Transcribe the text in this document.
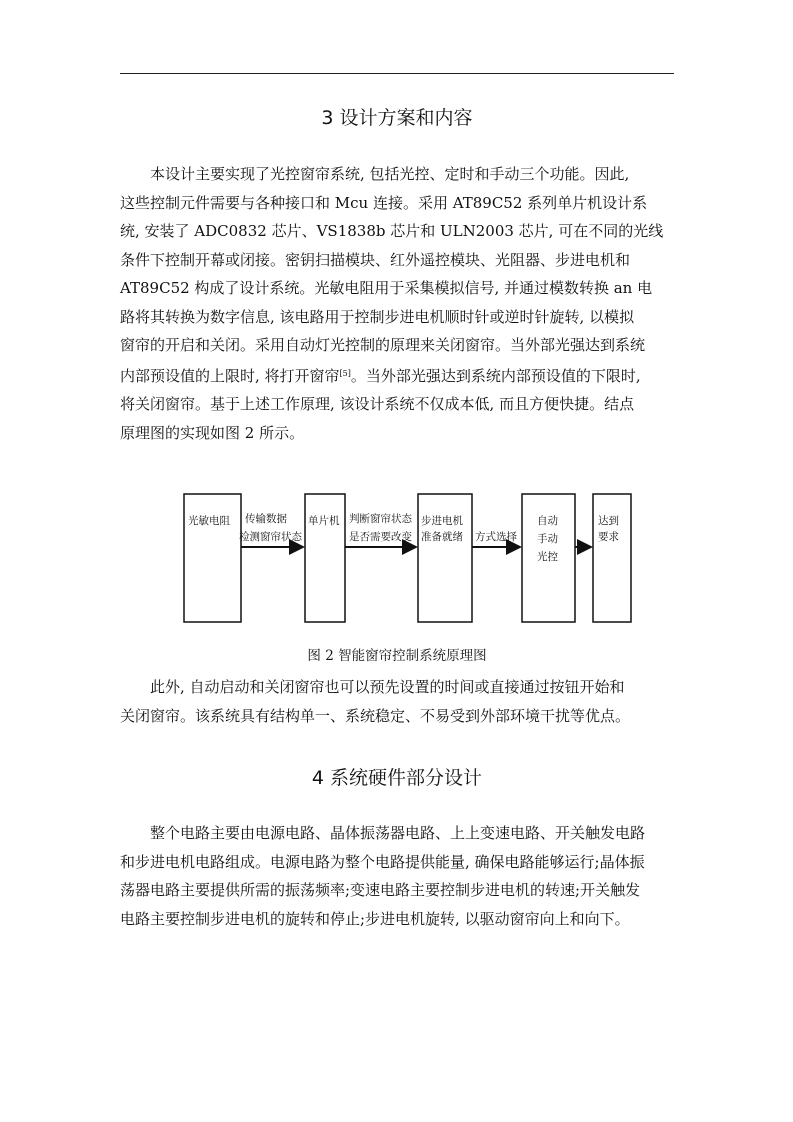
3 设计方案和内容
本设计主要实现了光控窗帘系统, 包括光控、定时和手动三个功能。因此,
这些控制元件需要与各种接口和 Mcu 连接。采用 AT89C52 系列单片机设计系
统, 安装了 ADC0832 芯片、VS1838b 芯片和 ULN2003 芯片, 可在不同的光线
条件下控制开幕或闭接。密钥扫描模块、红外遥控模块、光阻器、步进电机和
AT89C52 构成了设计系统。光敏电阻用于采集模拟信号, 并通过模数转换 an 电
路将其转换为数字信息, 该电路用于控制步进电机顺时针或逆时针旋转, 以模拟
窗帘的开启和关闭。采用自动灯光控制的原理来关闭窗帘。当外部光强达到系统
内部预设值的上限时, 将打开窗帘[5]。当外部光强达到系统内部预设值的下限时,
将关闭窗帘。基于上述工作原理, 该设计系统不仅成本低, 而且方便快捷。结点
原理图的实现如图 2 所示。
光敏电阻	单片机	步进电机
准备就绪
自动
手动
光控
达到
要求
传输数据
检测窗帘状态
判断窗帘状态
是否需要改变	方式选择
图 2 智能窗帘控制系统原理图
此外, 自动启动和关闭窗帘也可以预先设置的时间或直接通过按钮开始和
关闭窗帘。该系统具有结构单一、系统稳定、不易受到外部环境干扰等优点。
4 系统硬件部分设计
整个电路主要由电源电路、晶体振荡器电路、上上变速电路、开关触发电路
和步进电机电路组成。电源电路为整个电路提供能量, 确保电路能够运行;晶体振
荡器电路主要提供所需的振荡频率;变速电路主要控制步进电机的转速;开关触发
电路主要控制步进电机的旋转和停止;步进电机旋转, 以驱动窗帘向上和向下。
